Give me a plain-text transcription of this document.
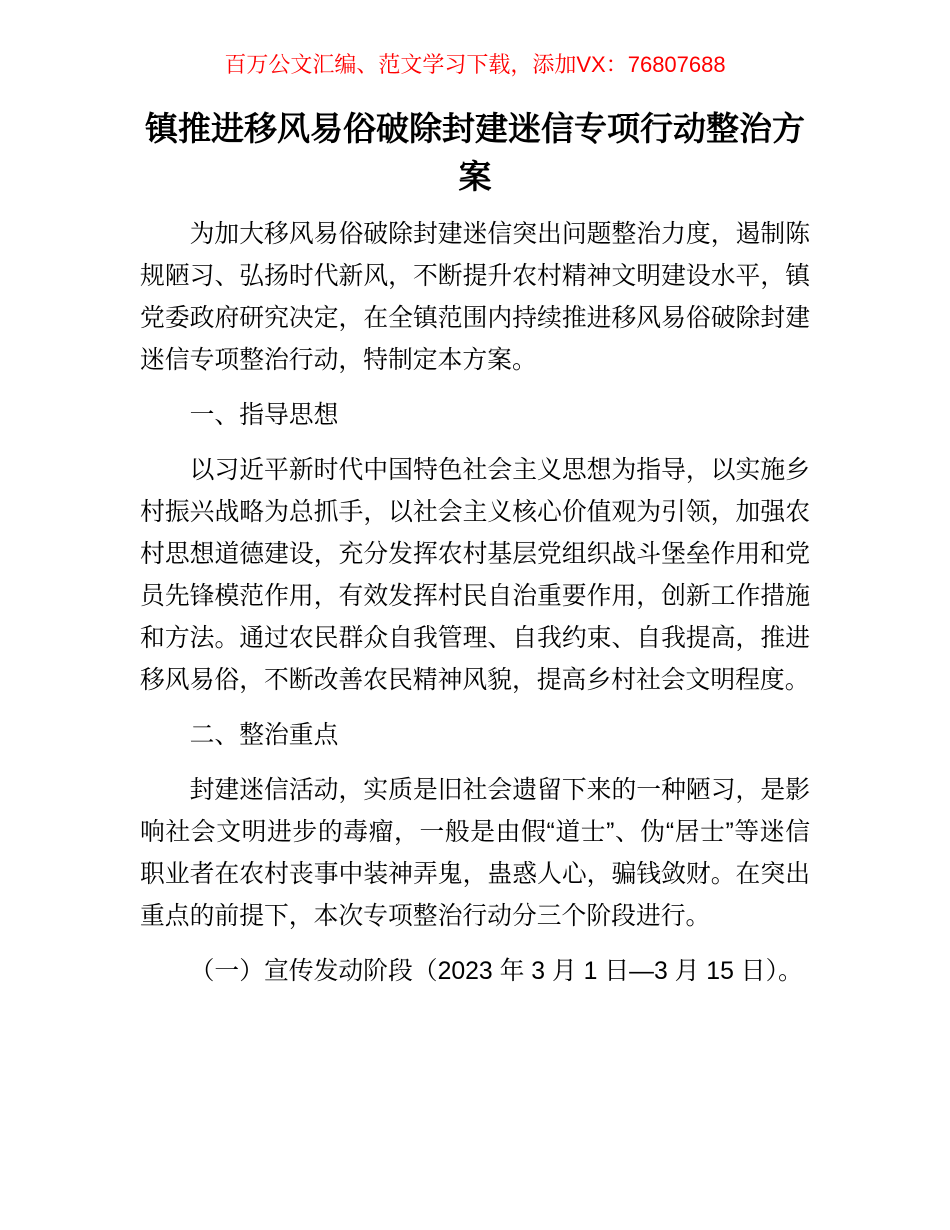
百万公文汇编、范文学习下载，添加VX：76807688
镇推进移风易俗破除封建迷信专项行动整治方案

为加大移风易俗破除封建迷信突出问题整治力度，遏制陈规陋习、弘扬时代新风，不断提升农村精神文明建设水平，镇党委政府研究决定，在全镇范围内持续推进移风易俗破除封建迷信专项整治行动，特制定本方案。

一、指导思想

以习近平新时代中国特色社会主义思想为指导，以实施乡村振兴战略为总抓手，以社会主义核心价值观为引领，加强农村思想道德建设，充分发挥农村基层党组织战斗堡垒作用和党员先锋模范作用，有效发挥村民自治重要作用，创新工作措施和方法。通过农民群众自我管理、自我约束、自我提高，推进移风易俗，不断改善农民精神风貌，提高乡村社会文明程度。

二、整治重点

封建迷信活动，实质是旧社会遗留下来的一种陋习，是影响社会文明进步的毒瘤，一般是由假“道士”、伪“居士”等迷信职业者在农村丧事中装神弄鬼，蛊惑人心，骗钱敛财。在突出重点的前提下，本次专项整治行动分三个阶段进行。

（一）宣传发动阶段（2023 年 3 月 1 日—3 月 15 日）。
